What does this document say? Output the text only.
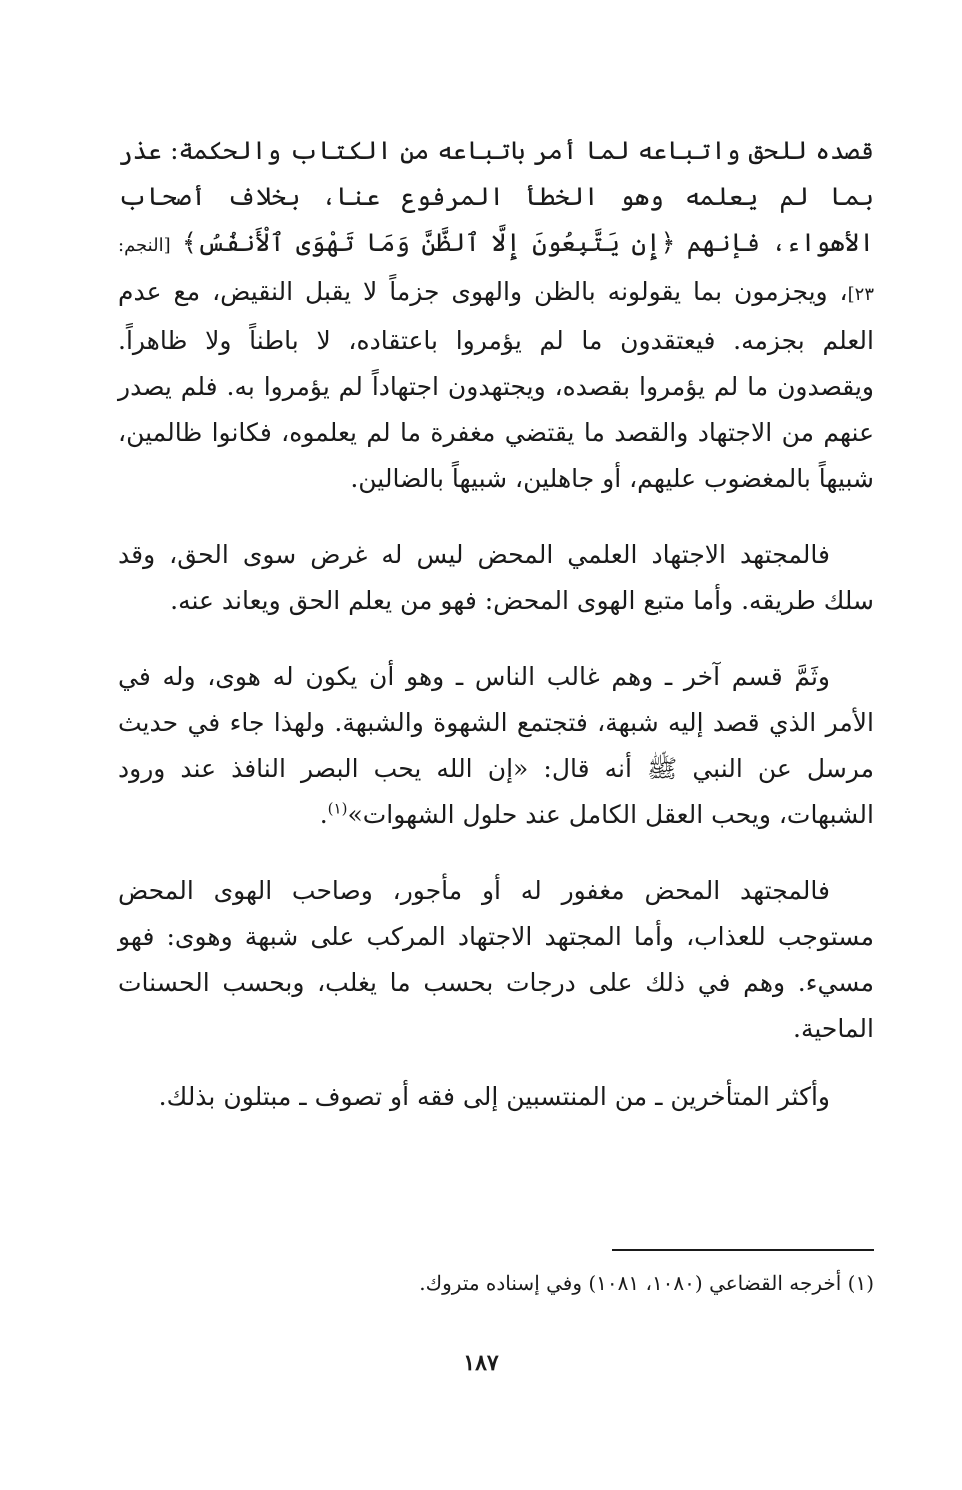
قصده للحق واتباعه لما أمر باتباعه من الكتاب والحكمة: عذر بما لم يعلمه وهو الخطأ المرفوع عنا، بخلاف أصحاب الأهواء، فإنهم ﴿إِن يَتَّبِعُونَ إِلَّا ٱلظَّنَّ وَمَا تَهْوَى ٱلْأَنفُسُ﴾ [النجم: ٢٣]، ويجزمون بما يقولونه بالظن والهوى جزماً لا يقبل النقيض، مع عدم العلم بجزمه. فيعتقدون ما لم يؤمروا باعتقاده، لا باطناً ولا ظاهراً. ويقصدون ما لم يؤمروا بقصده، ويجتهدون اجتهاداً لم يؤمروا به. فلم يصدر عنهم من الاجتهاد والقصد ما يقتضي مغفرة ما لم يعلموه، فكانوا ظالمين، شبيهاً بالمغضوب عليهم، أو جاهلين، شبيهاً بالضالين.

فالمجتهد الاجتهاد العلمي المحض ليس له غرض سوى الحق، وقد سلك طريقه. وأما متبع الهوى المحض: فهو من يعلم الحق ويعاند عنه.

وثَمَّ قسم آخر ـ وهم غالب الناس ـ وهو أن يكون له هوى، وله في الأمر الذي قصد إليه شبهة، فتجتمع الشهوة والشبهة. ولهذا جاء في حديث مرسل عن النبي ﷺ أنه قال: «إن الله يحب البصر النافذ عند ورود الشبهات، ويحب العقل الكامل عند حلول الشهوات»$^{(١)}$.

فالمجتهد المحض مغفور له أو مأجور، وصاحب الهوى المحض مستوجب للعذاب، وأما المجتهد الاجتهاد المركب على شبهة وهوى: فهو مسيء. وهم في ذلك على درجات بحسب ما يغلب، وبحسب الحسنات الماحية.

وأكثر المتأخرين ـ من المنتسبين إلى فقه أو تصوف ـ مبتلون بذلك.

(١) أخرجه القضاعي (١٠٨٠، ١٠٨١) وفي إسناده متروك.

١٨٧
